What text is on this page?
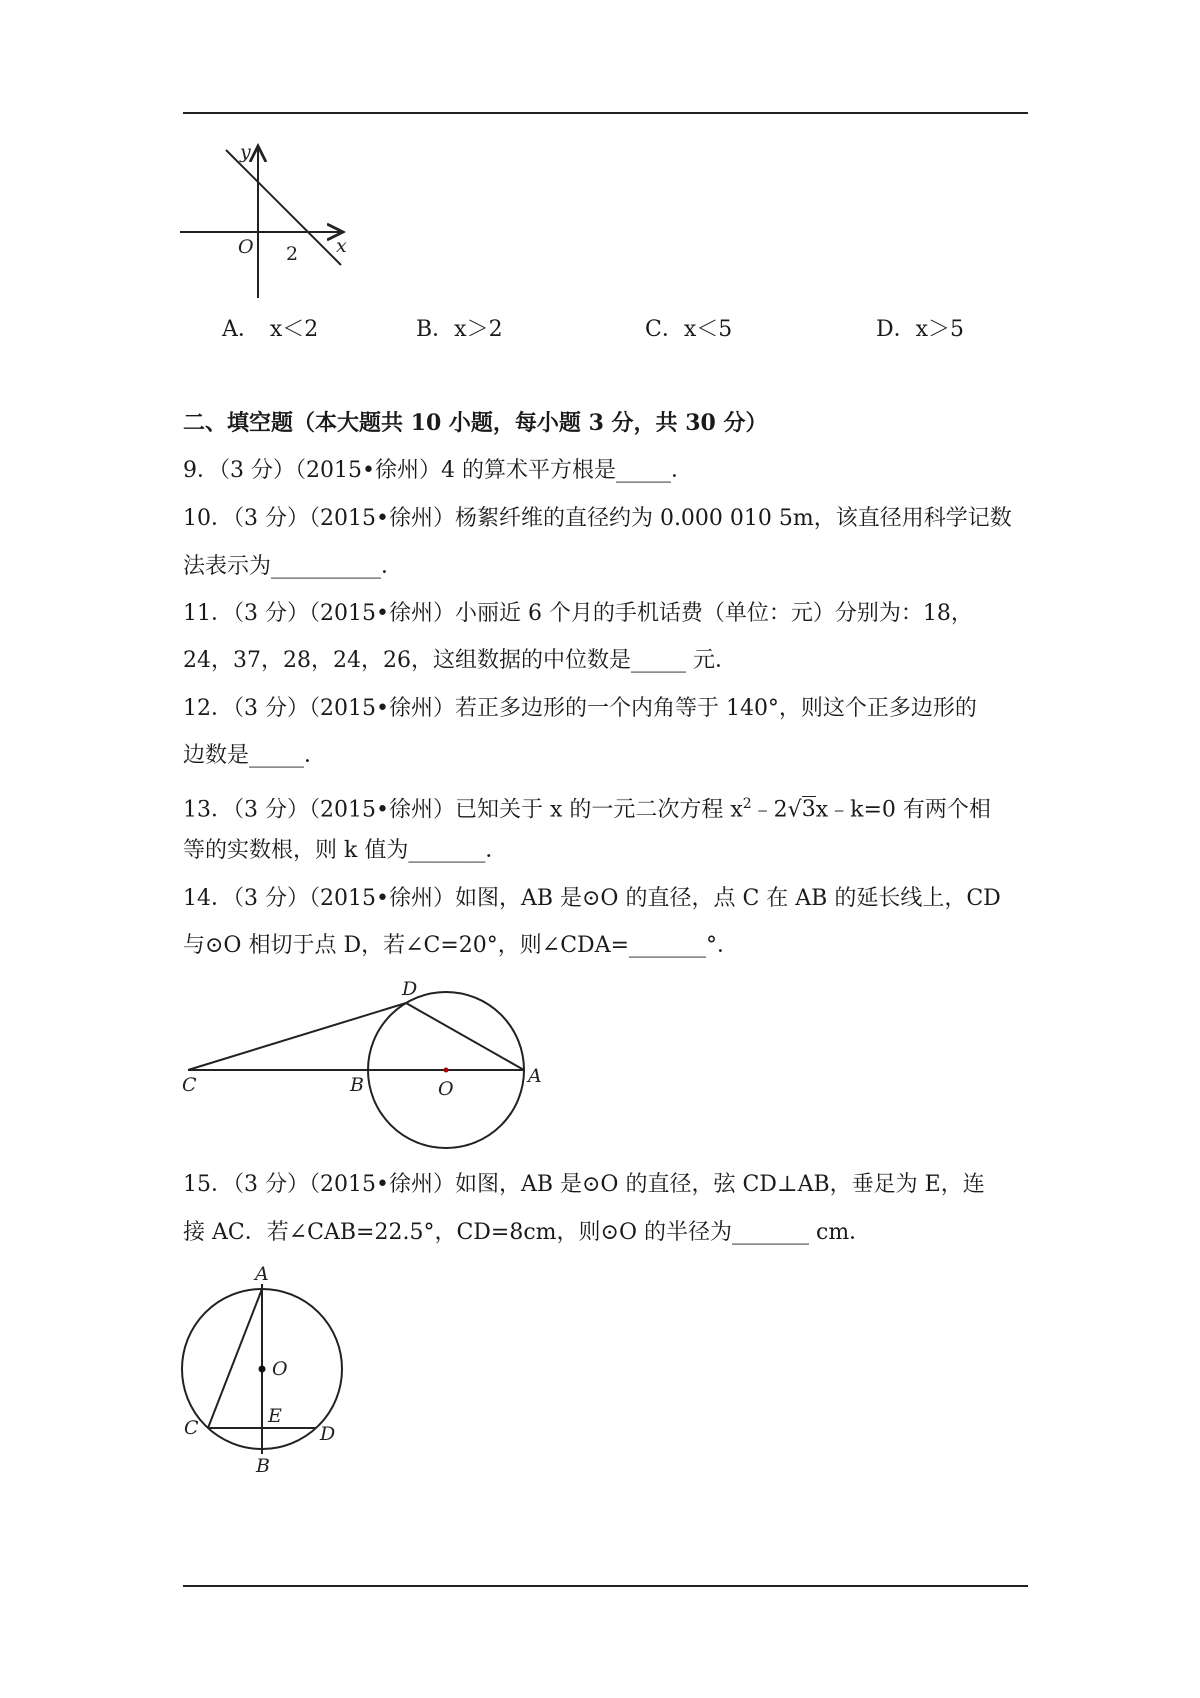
y
x
O 2
A． x＜2	B．x＞2	C．x＜5	D．x＞5
二、填空题（本大题共 10 小题，每小题 3 分，共 30 分）
9．（3 分）（2015•徐州）4 的算术平方根是_____．
10．（3 分）（2015•徐州）杨絮纤维的直径约为 0.000 010 5m，该直径用科学记数
法表示为__________．
11．（3 分）（2015•徐州）小丽近 6 个月的手机话费（单位：元）分别为：18，
24，37，28，24，26，这组数据的中位数是_____ 元．
12．（3 分）（2015•徐州）若正多边形的一个内角等于 140°，则这个正多边形的
边数是_____．
13．（3 分）（2015•徐州）已知关于 x 的一元二次方程 $x^2﹣2√3x﹣k=0$ 有两个相
等的实数根，则 k 值为_______．
14．（3 分）（2015•徐州）如图，AB 是⊙O 的直径，点 C 在 AB 的延长线上，CD
与⊙O 相切于点 D，若∠C=20°，则∠CDA=_______°．
C	B	O
A
D
15．（3 分）（2015•徐州）如图，AB 是⊙O 的直径，弦 CD⊥AB，垂足为 E，连
接 AC．若∠CAB=22.5°，CD=8cm，则⊙O 的半径为_______ cm．
A
O
E
C	D
B
